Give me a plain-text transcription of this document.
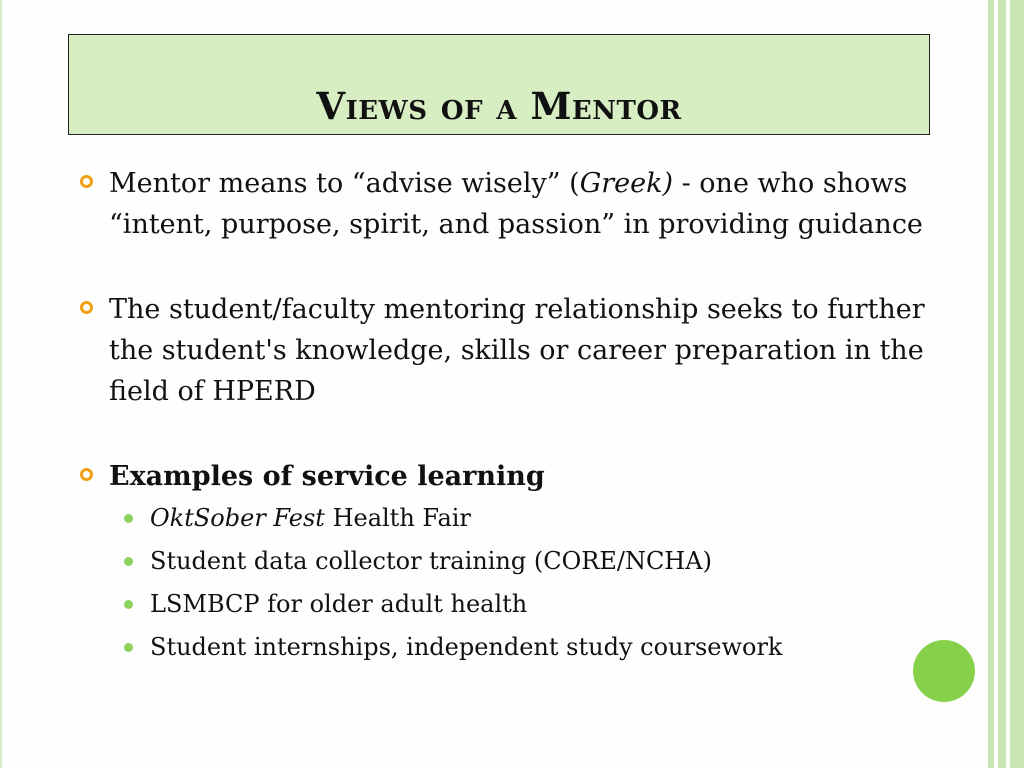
Views of a Mentor
Mentor means to “advise wisely” (Greek) - one who shows “intent, purpose, spirit, and passion” in providing guidance
The student/faculty mentoring relationship seeks to further the student's knowledge, skills or career preparation in the field of HPERD
Examples of service learning
OktSober Fest Health Fair
Student data collector training (CORE/NCHA)
LSMBCP for older adult health
Student internships, independent study coursework
